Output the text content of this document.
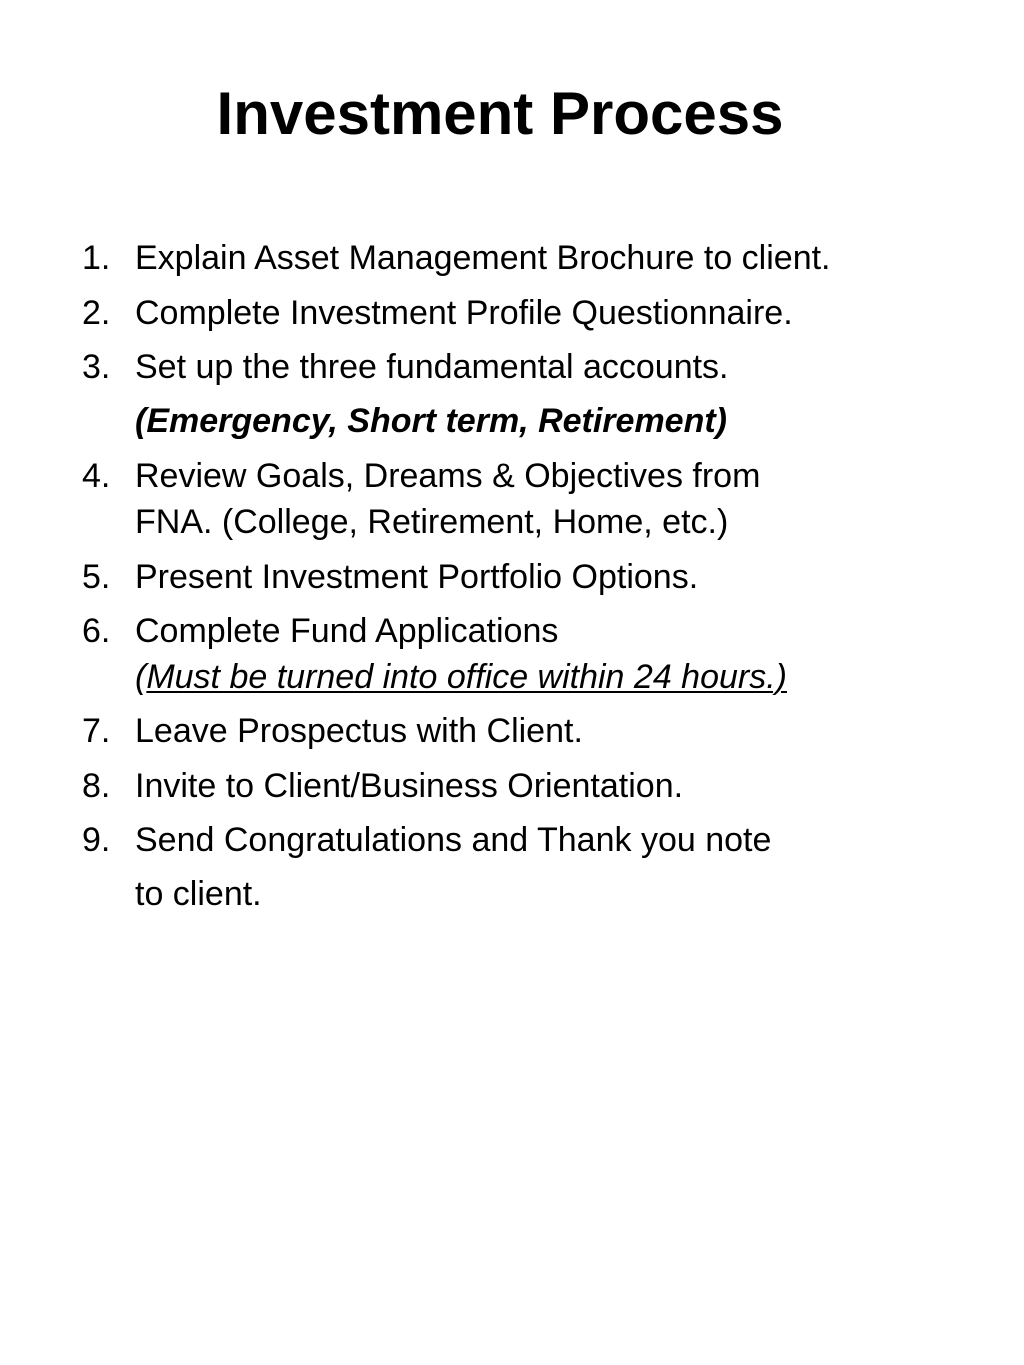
Investment Process
1. Explain Asset Management Brochure to client.
2. Complete Investment Profile Questionnaire.
3. Set up the three fundamental accounts.
(Emergency, Short term, Retirement)
4. Review Goals, Dreams & Objectives from
FNA. (College, Retirement, Home, etc.)
5. Present Investment Portfolio Options.
6. Complete Fund Applications
(Must be turned into office within 24 hours.)
7. Leave Prospectus with Client.
8. Invite to Client/Business Orientation.
9. Send Congratulations and Thank you note
to client.
